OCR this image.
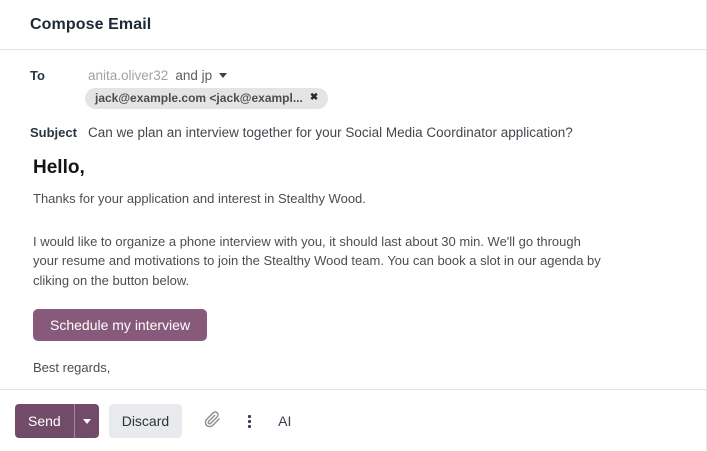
Compose Email
To	anita.oliver32 and jp
jack@example.com <jack@exampl... ✖
Subject Can we plan an interview together for your Social Media Coordinator application?
Hello,
Thanks for your application and interest in Stealthy Wood.
I would like to organize a phone interview with you, it should last about 30 min. We'll go through
your resume and motivations to join the Stealthy Wood team. You can book a slot in our agenda by
cliking on the button below.
Schedule my interview
Best regards,
Send	Discard	AI
